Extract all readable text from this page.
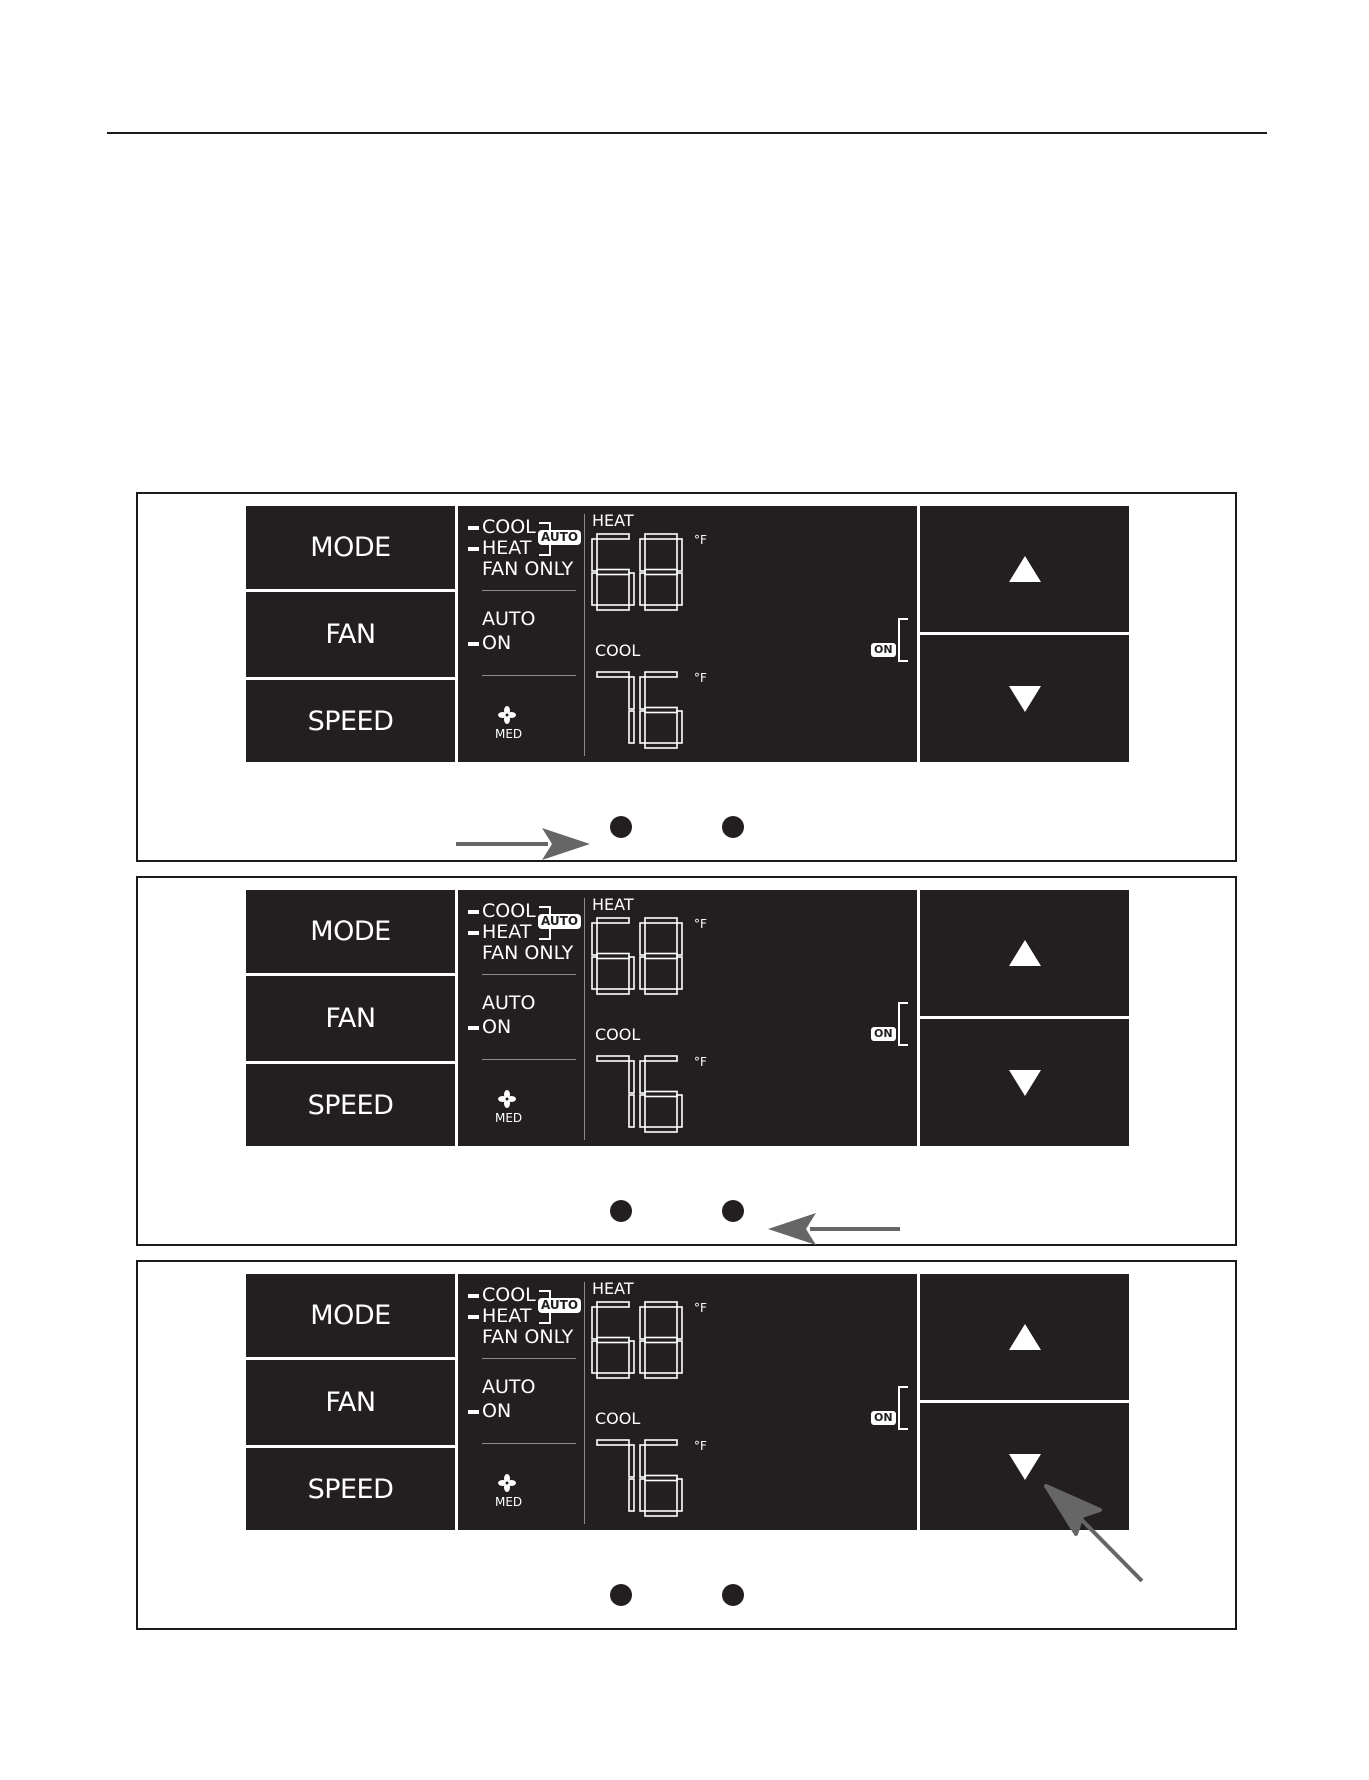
MODE
FAN
SPEED
COOL
HEAT
FAN ONLY
AUTO
AUTO
ON
MED
HEAT
°F
COOL
°F
ON
MODE
FAN
SPEED
COOL
HEAT
FAN ONLY
AUTO
AUTO
ON
MED
HEAT
°F
COOL
°F
ON
MODE
FAN
SPEED
COOL
HEAT
FAN ONLY
AUTO
AUTO
ON
MED
HEAT
°F
COOL
°F
ON
